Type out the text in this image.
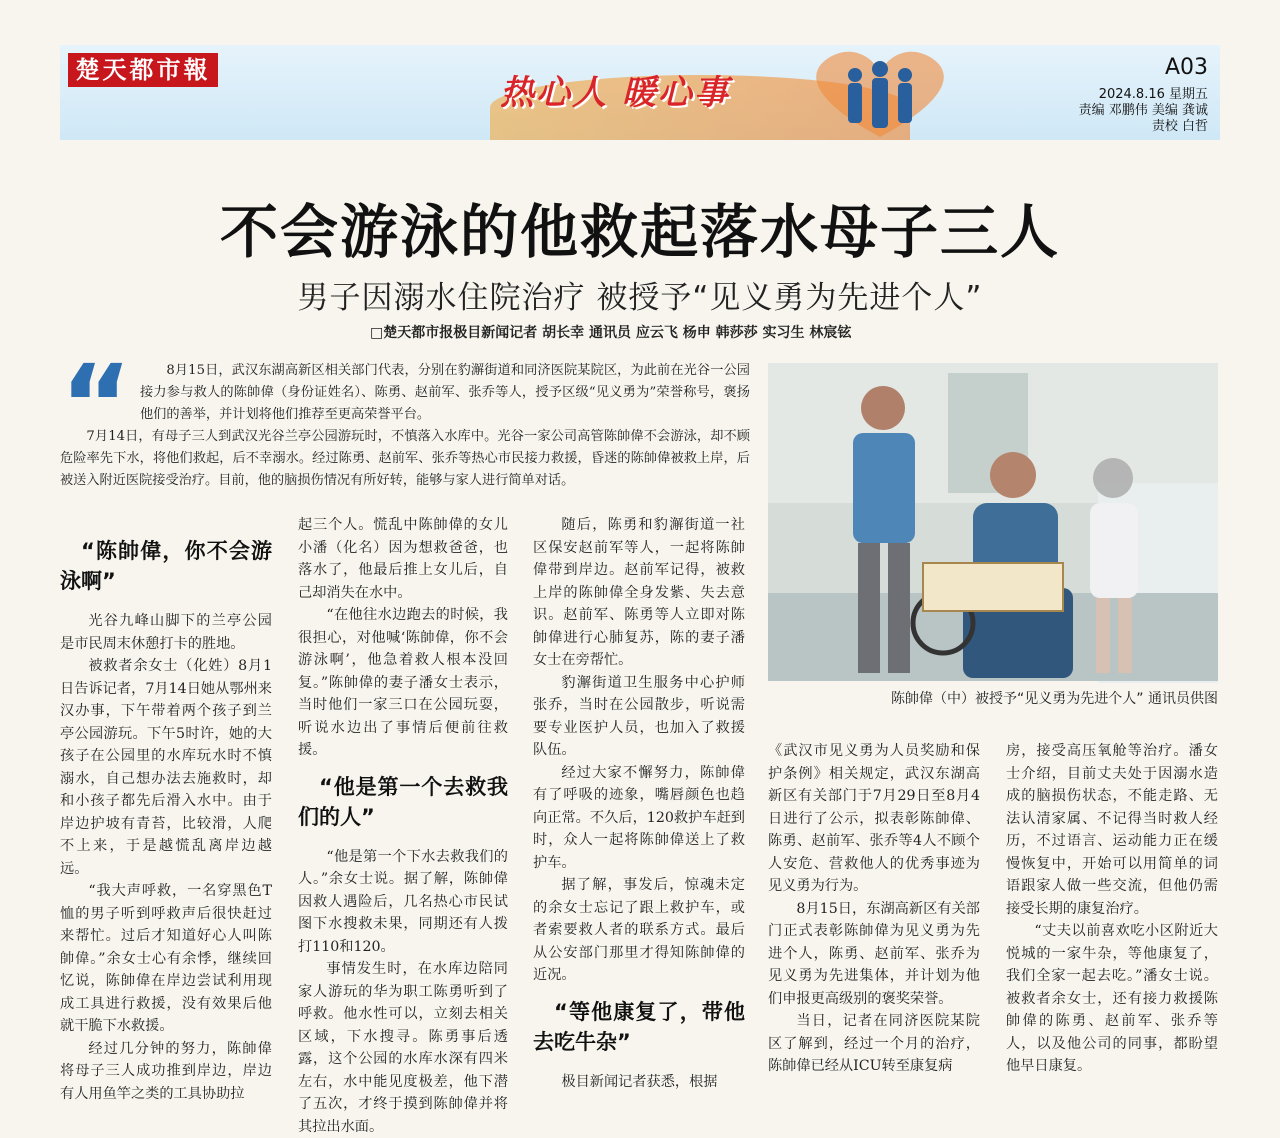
楚天都市報
热心人 暖心事
A03
2024.8.16 星期五
责编 邓鹏伟 美编 龚诚
责校 白哲
不会游泳的他救起落水母子三人
男子因溺水住院治疗 被授予“见义勇为先进个人”
□楚天都市报极目新闻记者 胡长幸 通讯员 应云飞 杨申 韩莎莎 实习生 林宸铉
“	8月15日，武汉东湖高新区相关部门代表，分别在豹澥街道和同济医院某院区，为此前在光谷一公园接力参与救人的陈帥偉（身份证姓名）、陈勇、赵前军、张乔等人，授予区级“见义勇为”荣誉称号，褒扬他们的善举，并计划将他们推荐至更高荣誉平台。

7月14日，有母子三人到武汉光谷兰亭公园游玩时，不慎落入水库中。光谷一家公司高管陈帥偉不会游泳，却不顾危险率先下水，将他们救起，后不幸溺水。经过陈勇、赵前军、张乔等热心市民接力救援，昏迷的陈帥偉被救上岸，后被送入附近医院接受治疗。目前，他的脑损伤情况有所好转，能够与家人进行简单对话。

陈帥偉（中）被授予“见义勇为先进个人” 通讯员供图
“陈帥偉，你不会游泳啊”

光谷九峰山脚下的兰亭公园是市民周末休憩打卡的胜地。

被救者余女士（化姓）8月1日告诉记者，7月14日她从鄂州来汉办事，下午带着两个孩子到兰亭公园游玩。下午5时许，她的大孩子在公园里的水库玩水时不慎溺水，自己想办法去施救时，却和小孩子都先后滑入水中。由于岸边护坡有青苔，比较滑，人爬不上来，于是越慌乱离岸边越远。

“我大声呼救，一名穿黑色T恤的男子听到呼救声后很快赶过来帮忙。过后才知道好心人叫陈帥偉。”余女士心有余悸，继续回忆说，陈帥偉在岸边尝试利用现成工具进行救援，没有效果后他就干脆下水救援。

经过几分钟的努力，陈帥偉将母子三人成功推到岸边，岸边有人用鱼竿之类的工具协助拉

起三个人。慌乱中陈帥偉的女儿小潘（化名）因为想救爸爸，也落水了，他最后推上女儿后，自己却消失在水中。

“在他往水边跑去的时候，我很担心，对他喊‘陈帥偉，你不会游泳啊’，他急着救人根本没回复。”陈帥偉的妻子潘女士表示，当时他们一家三口在公园玩耍，听说水边出了事情后便前往救援。

“他是第一个去救我们的人”

“他是第一个下水去救我们的人。”余女士说。据了解，陈帥偉因救人遇险后，几名热心市民试图下水搜救未果，同期还有人拨打110和120。

事情发生时，在水库边陪同家人游玩的华为职工陈勇听到了呼救。他水性可以，立刻去相关区域，下水搜寻。陈勇事后透露，这个公园的水库水深有四米左右，水中能见度极差，他下潜了五次，才终于摸到陈帥偉并将其拉出水面。

随后，陈勇和豹澥街道一社区保安赵前军等人，一起将陈帥偉带到岸边。赵前军记得，被救上岸的陈帥偉全身发紫、失去意识。赵前军、陈勇等人立即对陈帥偉进行心肺复苏，陈的妻子潘女士在旁帮忙。

豹澥街道卫生服务中心护师张乔，当时在公园散步，听说需要专业医护人员，也加入了救援队伍。

经过大家不懈努力，陈帥偉有了呼吸的迹象，嘴唇颜色也趋向正常。不久后，120救护车赶到时，众人一起将陈帥偉送上了救护车。

据了解，事发后，惊魂未定的余女士忘记了跟上救护车，或者索要救人者的联系方式。最后从公安部门那里才得知陈帥偉的近况。

“等他康复了，带他去吃牛杂”

极目新闻记者获悉，根据

《武汉市见义勇为人员奖励和保护条例》相关规定，武汉东湖高新区有关部门于7月29日至8月4日进行了公示，拟表彰陈帥偉、陈勇、赵前军、张乔等4人不顾个人安危、营救他人的优秀事迹为见义勇为行为。

8月15日，东湖高新区有关部门正式表彰陈帥偉为见义勇为先进个人，陈勇、赵前军、张乔为见义勇为先进集体，并计划为他们申报更高级别的褒奖荣誉。

当日，记者在同济医院某院区了解到，经过一个月的治疗，陈帥偉已经从ICU转至康复病

房，接受高压氧舱等治疗。潘女士介绍，目前丈夫处于因溺水造成的脑损伤状态，不能走路、无法认清家属、不记得当时救人经历，不过语言、运动能力正在缓慢恢复中，开始可以用简单的词语跟家人做一些交流，但他仍需接受长期的康复治疗。

“丈夫以前喜欢吃小区附近大悦城的一家牛杂，等他康复了，我们全家一起去吃。”潘女士说。被救者余女士，还有接力救援陈帥偉的陈勇、赵前军、张乔等人，以及他公司的同事，都盼望他早日康复。
